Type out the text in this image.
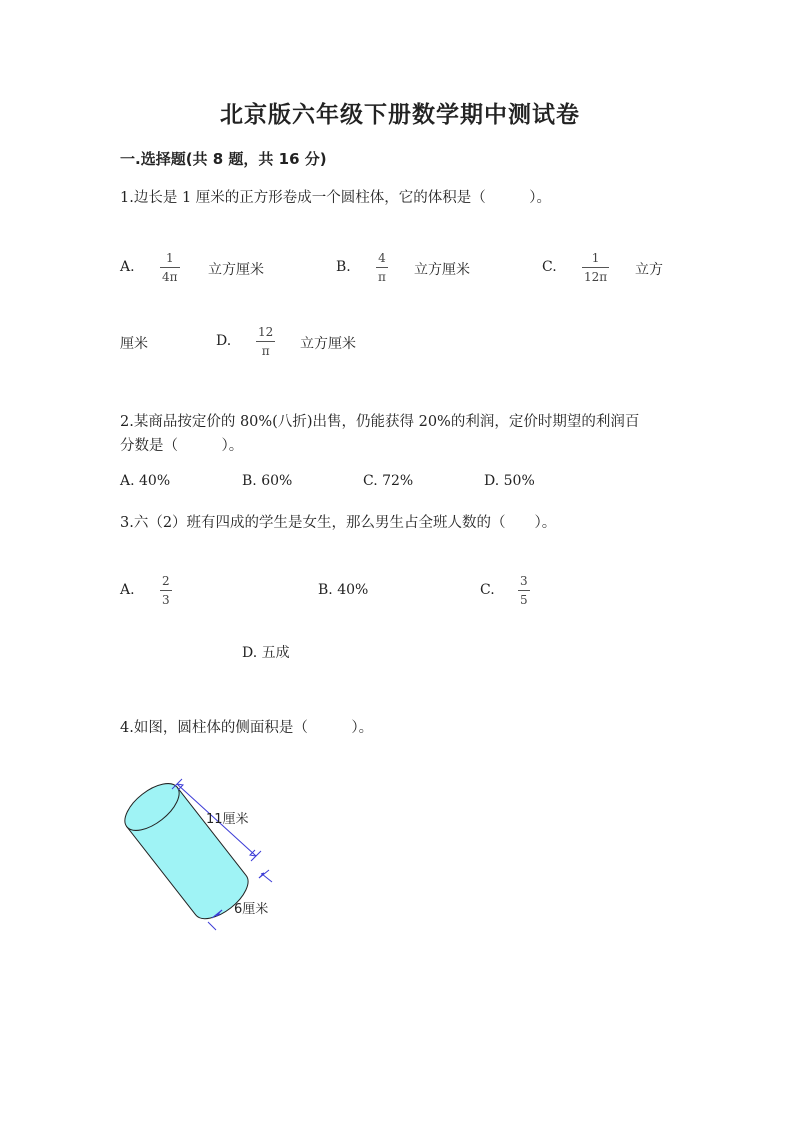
北京版六年级下册数学期中测试卷
一.选择题(共 8 题，共 16 分)
1.边长是 1 厘米的正方形卷成一个圆柱体，它的体积是（　　　）。
A.
1
4π 立方厘米	B.
4
π 立方厘米	C.
1
12π 立方
厘米	D.
12
π	立方厘米
2.某商品按定价的 80%(八折)出售，仍能获得 20%的利润，定价时期望的利润百
分数是（　　　）。
A. 40%	B. 60%	C. 72%	D. 50%
3.六（2）班有四成的学生是女生，那么男生占全班人数的（　　）。
A.
2
3
B. 40%	C.
3
5
D. 五成
4.如图，圆柱体的侧面积是（　　　）。
11厘米
6厘米
